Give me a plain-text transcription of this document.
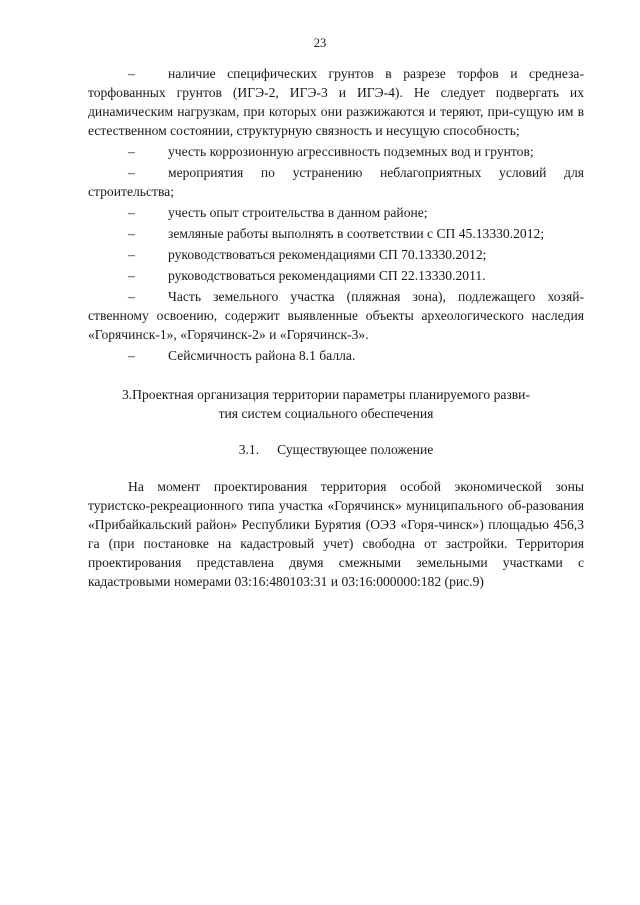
23
– наличие специфических грунтов в разрезе торфов и среднеза-торфованных грунтов (ИГЭ-2, ИГЭ-3 и ИГЭ-4). Не следует подвергать их динамическим нагрузкам, при которых они разжижаются и теряют, при-сущую им в естественном состоянии, структурную связность и несущую способность;
– учесть коррозионную агрессивность подземных вод и грунтов;
– мероприятия по устранению неблагоприятных условий для строительства;
– учесть опыт строительства в данном районе;
– земляные работы выполнять в соответствии с СП 45.13330.2012;
– руководствоваться рекомендациями СП 70.13330.2012;
– руководствоваться рекомендациями СП 22.13330.2011.
– Часть земельного участка (пляжная зона), подлежащего хозяй-ственному освоению, содержит выявленные объекты археологического наследия «Горячинск-1», «Горячинск-2» и «Горячинск-3».
– Сейсмичность района 8.1 балла.
3.Проектная организация территории параметры планируемого разви-
тия систем социального обеспечения
3.1. Существующее положение
На момент проектирования территория особой экономической зоны туристско-рекреационного типа участка «Горячинск» муниципального об-разования «Прибайкальский район» Республики Бурятия (ОЭЗ «Горя-чинск») площадью 456,3 га (при постановке на кадастровый учет) свободна от застройки. Территория проектирования представлена двумя смежными земельными участками с кадастровыми номерами 03:16:480103:31 и 03:16:000000:182 (рис.9)
